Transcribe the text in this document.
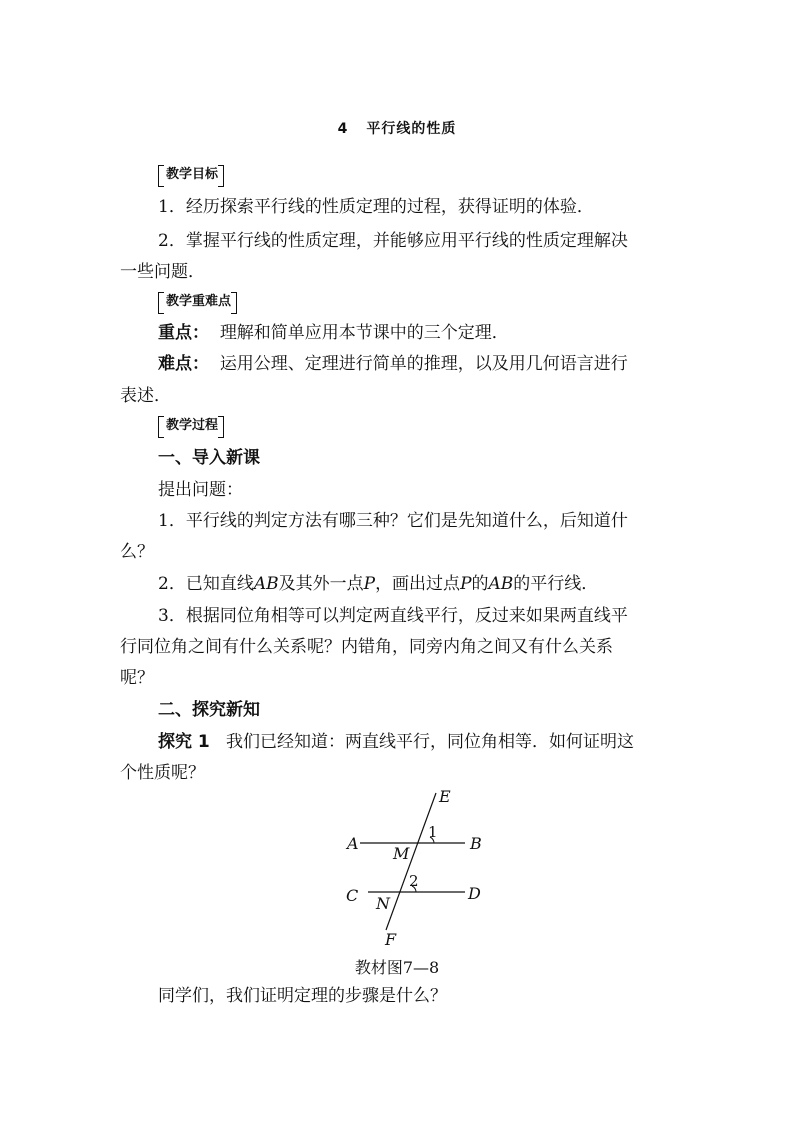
4 平行线的性质
教学目标
1．经历探索平行线的性质定理的过程，获得证明的体验．
2．掌握平行线的性质定理，并能够应用平行线的性质定理解决
一些问题．
教学重难点
重点： 理解和简单应用本节课中的三个定理．
难点： 运用公理、定理进行简单的推理，以及用几何语言进行
表述．
教学过程
一、导入新课
提出问题：
1．平行线的判定方法有哪三种？它们是先知道什么，后知道什
么？
2．已知直线AB及其外一点P，画出过点P的AB的平行线．
3．根据同位角相等可以判定两直线平行，反过来如果两直线平
行同位角之间有什么关系呢？内错角，同旁内角之间又有什么关系
呢？
二、探究新知
探究 1 我们已经知道：两直线平行，同位角相等．如何证明这
个性质呢？
E
A	B
M
C	D
N
F
1
2
教材图7—8
同学们，我们证明定理的步骤是什么？
